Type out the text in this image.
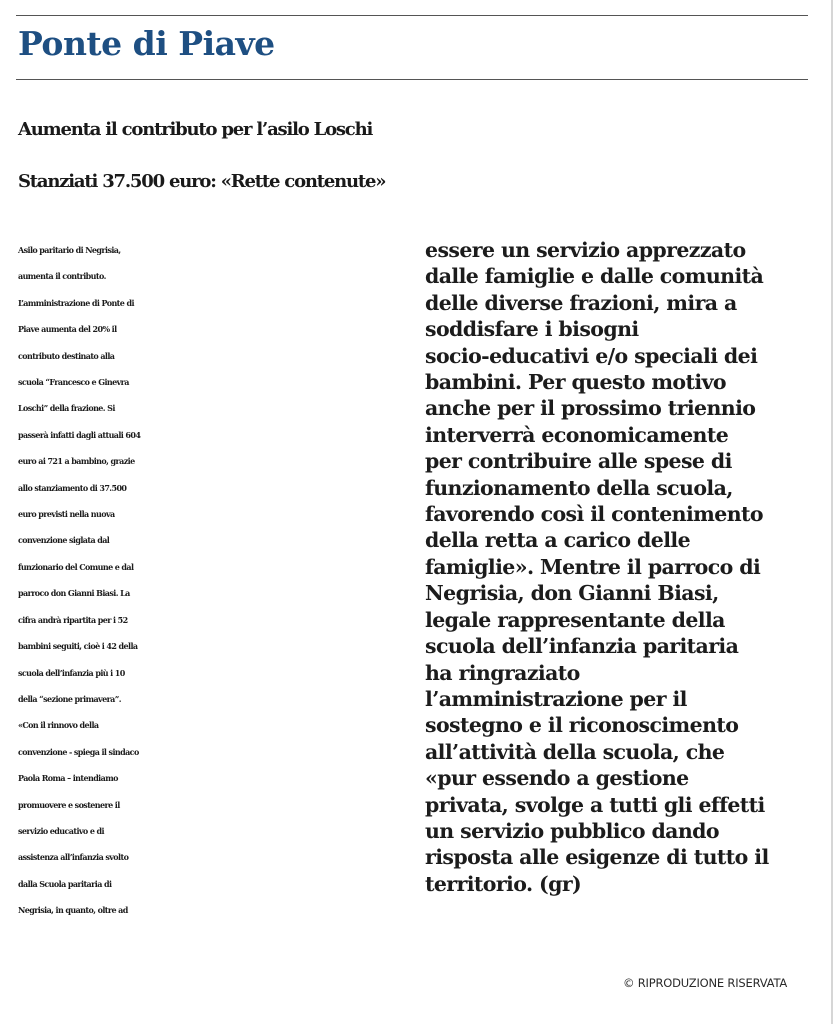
Ponte di Piave
Aumenta il contributo per l’asilo Loschi
Stanziati 37.500 euro: «Rette contenute»
Asilo paritario di Negrisia,
aumenta il contributo.
L’amministrazione di Ponte di
Piave aumenta del 20% il
contributo destinato alla
scuola “Francesco e Ginevra
Loschi” della frazione. Si
passerà infatti dagli attuali 604
euro ai 721 a bambino, grazie
allo stanziamento di 37.500
euro previsti nella nuova
convenzione siglata dal
funzionario del Comune e dal
parroco don Gianni Biasi. La
cifra andrà ripartita per i 52
bambini seguiti, cioè i 42 della
scuola dell’infanzia più i 10
della “sezione primavera”.
«Con il rinnovo della
convenzione - spiega il sindaco
Paola Roma – intendiamo
promuovere e sostenere il
servizio educativo e di
assistenza all’infanzia svolto
dalla Scuola paritaria di
Negrisia, in quanto, oltre ad
essere un servizio apprezzato
dalle famiglie e dalle comunità
delle diverse frazioni, mira a
soddisfare i bisogni
socio-educativi e/o speciali dei
bambini. Per questo motivo
anche per il prossimo triennio
interverrà economicamente
per contribuire alle spese di
funzionamento della scuola,
favorendo così il contenimento
della retta a carico delle
famiglie». Mentre il parroco di
Negrisia, don Gianni Biasi,
legale rappresentante della
scuola dell’infanzia paritaria
ha ringraziato
l’amministrazione per il
sostegno e il riconoscimento
all’attività della scuola, che
«pur essendo a gestione
privata, svolge a tutti gli effetti
un servizio pubblico dando
risposta alle esigenze di tutto il
territorio. (gr)
© RIPRODUZIONE RISERVATA
